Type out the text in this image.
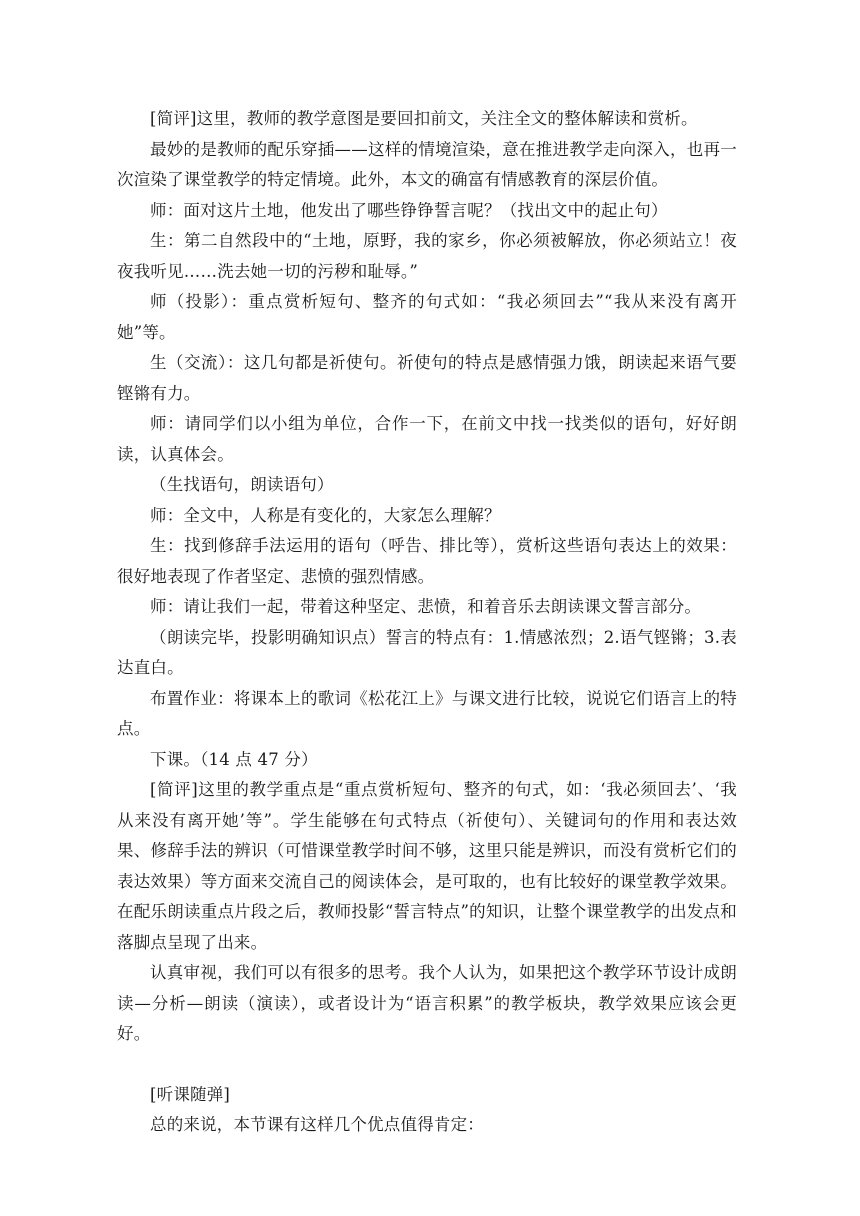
[简评]这里，教师的教学意图是要回扣前文，关注全文的整体解读和赏析。

最妙的是教师的配乐穿插——这样的情境渲染，意在推进教学走向深入，也再一次渲染了课堂教学的特定情境。此外，本文的确富有情感教育的深层价值。

师：面对这片土地，他发出了哪些铮铮誓言呢？（找出文中的起止句）

生：第二自然段中的“土地，原野，我的家乡，你必须被解放，你必须站立！夜夜我听见……洗去她一切的污秽和耻辱。”

师（投影）：重点赏析短句、整齐的句式如：“我必须回去”“我从来没有离开她”等。

生（交流）：这几句都是祈使句。祈使句的特点是感情强力饿，朗读起来语气要铿锵有力。

师：请同学们以小组为单位，合作一下，在前文中找一找类似的语句，好好朗读，认真体会。

（生找语句，朗读语句）

师：全文中，人称是有变化的，大家怎么理解？

生：找到修辞手法运用的语句（呼告、排比等），赏析这些语句表达上的效果：很好地表现了作者坚定、悲愤的强烈情感。

师：请让我们一起，带着这种坚定、悲愤，和着音乐去朗读课文誓言部分。

（朗读完毕，投影明确知识点）誓言的特点有：1.情感浓烈；2.语气铿锵；3.表达直白。

布置作业：将课本上的歌词《松花江上》与课文进行比较，说说它们语言上的特点。

下课。（14 点 47 分）

[简评]这里的教学重点是“重点赏析短句、整齐的句式，如：‘我必须回去’、‘我从来没有离开她’等”。学生能够在句式特点（祈使句）、关键词句的作用和表达效果、修辞手法的辨识（可惜课堂教学时间不够，这里只能是辨识，而没有赏析它们的表达效果）等方面来交流自己的阅读体会，是可取的，也有比较好的课堂教学效果。在配乐朗读重点片段之后，教师投影“誓言特点”的知识，让整个课堂教学的出发点和落脚点呈现了出来。

认真审视，我们可以有很多的思考。我个人认为，如果把这个教学环节设计成朗读—分析—朗读（演读），或者设计为“语言积累”的教学板块，教学效果应该会更好。

[听课随弹]

总的来说，本节课有这样几个优点值得肯定：
